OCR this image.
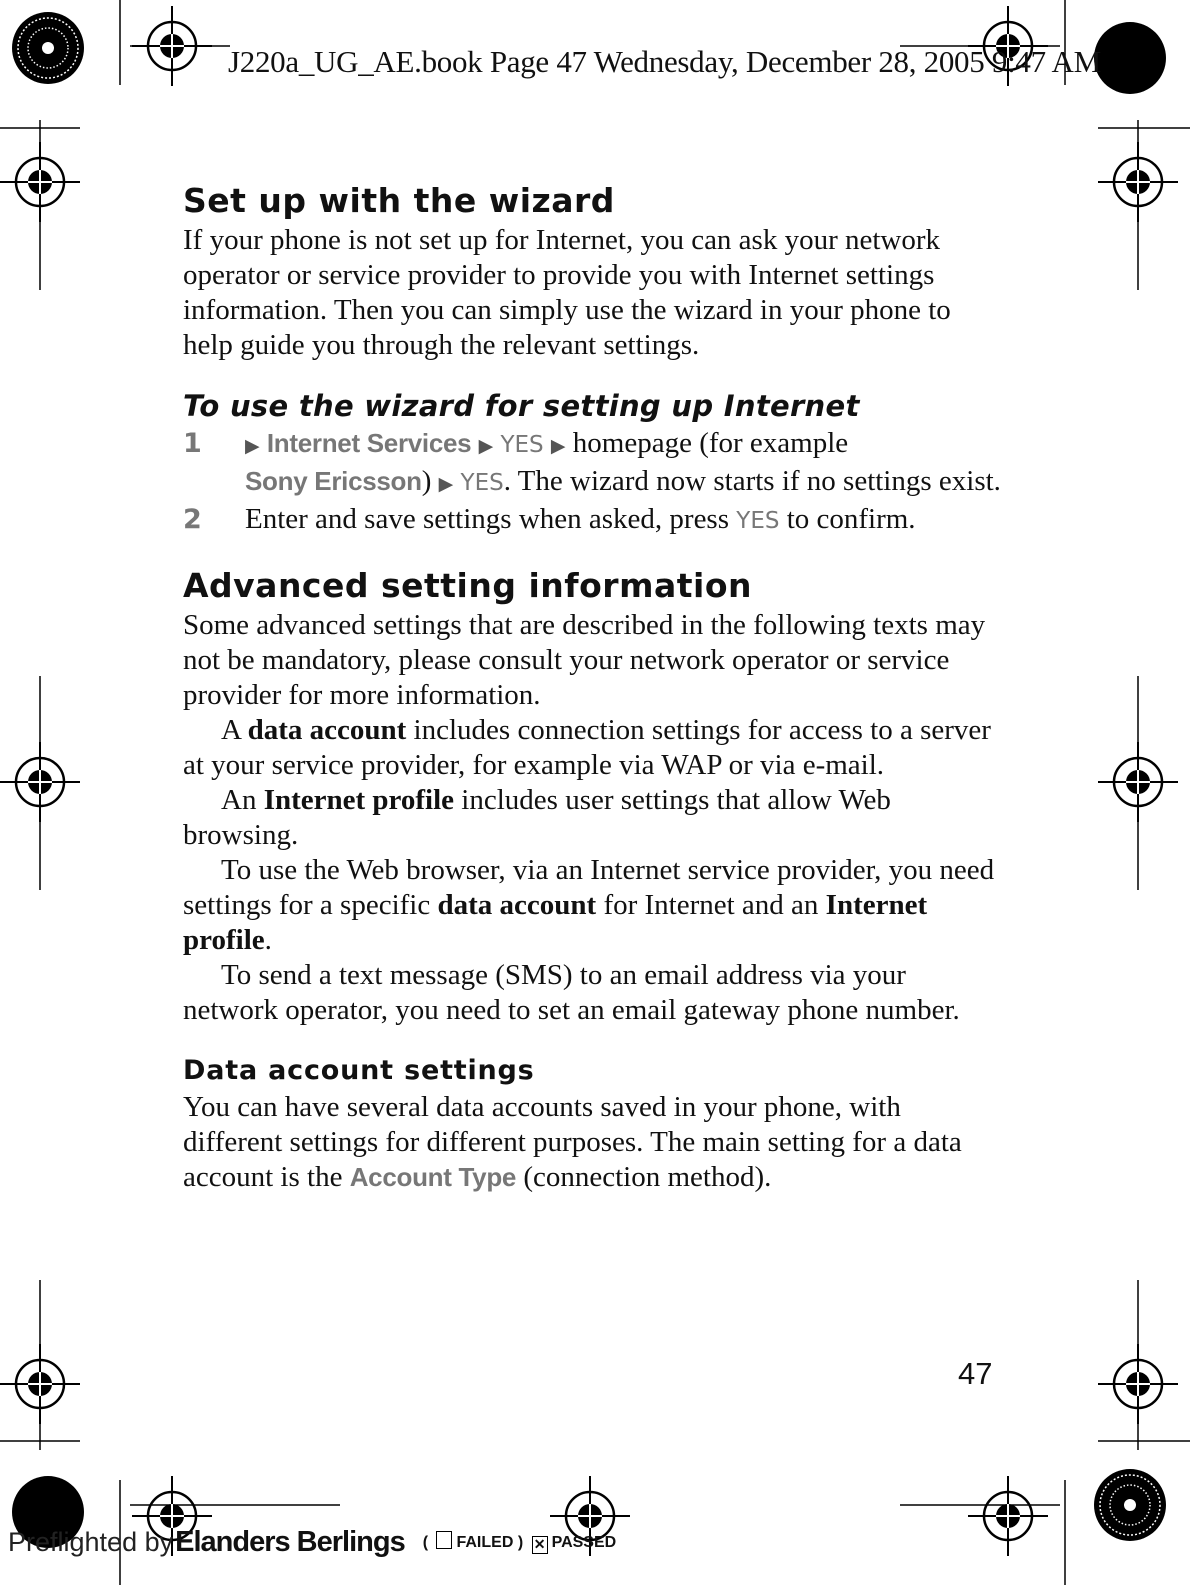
J220a_UG_AE.book Page 47 Wednesday, December 28, 2005 9:47 AM
Set up with the wizard

If your phone is not set up for Internet, you can ask your network operator or service provider to provide you with Internet settings information. Then you can simply use the wizard in your phone to help guide you through the relevant settings.

To use the wizard for setting up Internet
1 ▶ Internet Services ▶ YES ▶ homepage (for example
Sony Ericsson) ▶ YES. The wizard now starts if no settings exist.
2 Enter and save settings when asked, press YES to confirm.
Advanced setting information

Some advanced settings that are described in the following texts may not be mandatory, please consult your network operator or service provider for more information.

A data account includes connection settings for access to a server at your service provider, for example via WAP or via e-mail.

An Internet profile includes user settings that allow Web browsing.

To use the Web browser, via an Internet service provider, you need settings for a specific data account for Internet and an Internet profile.

To send a text message (SMS) to an email address via your network operator, you need to set an email gateway phone number.

Data account settings

You can have several data accounts saved in your phone, with different settings for different purposes. The main setting for a data account is the Account Type (connection method).

47
Preflighted by Elanders Berlings ( FAILED ) ✕ PASSED
